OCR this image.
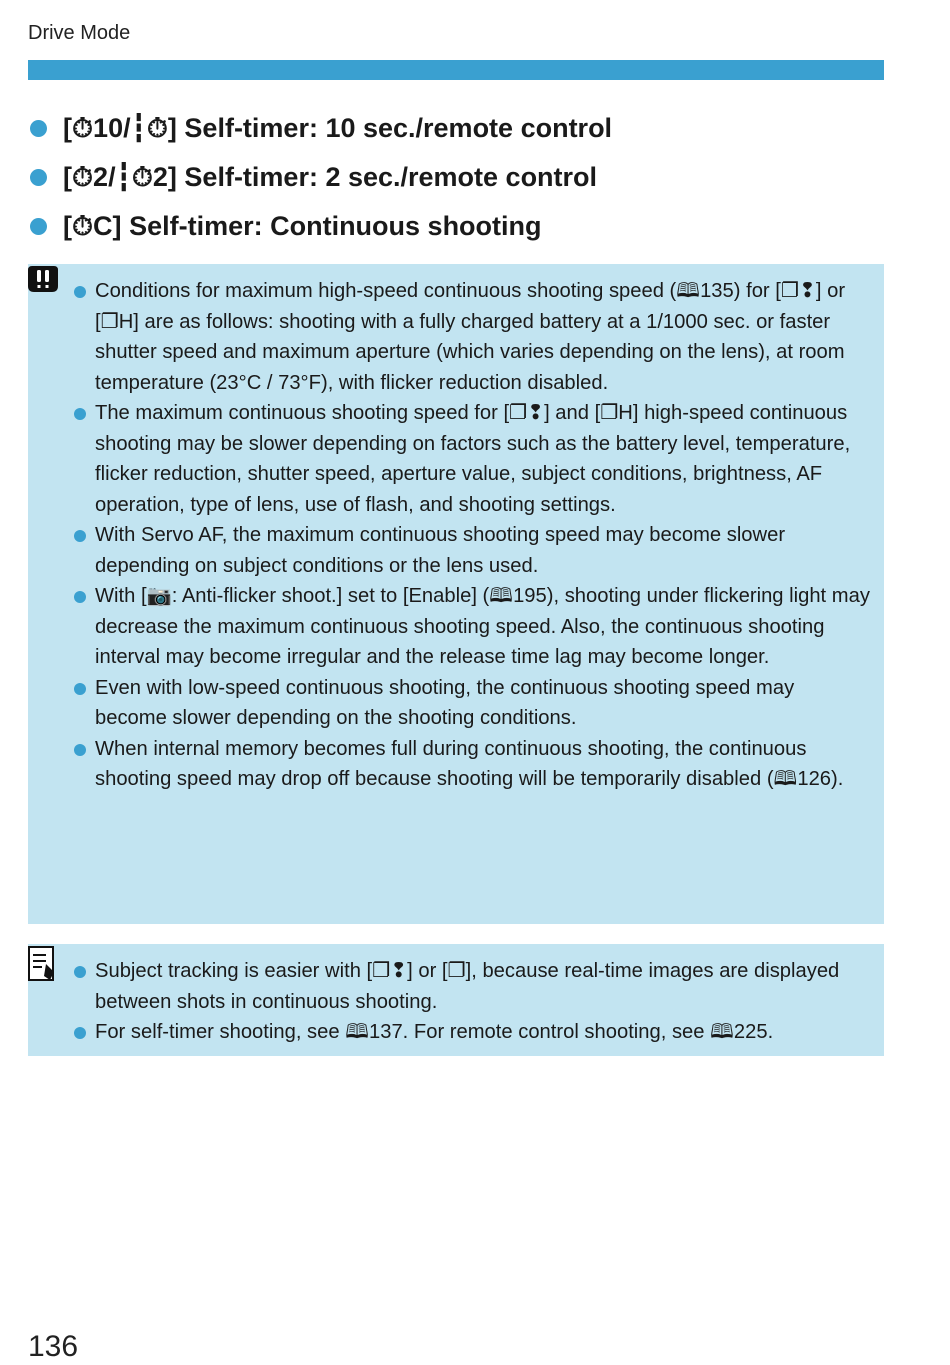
Drive Mode
[⏱10/┇⏱]
Self-timer: 10 sec./remote control
[⏱2/┇⏱2]
Self-timer: 2 sec./remote control
[⏱C]
Self-timer: Continuous shooting
Conditions for maximum high-speed continuous shooting speed (🕮135) for [❐❢] or [❐H] are as follows: shooting with a fully charged battery at a 1/1000 sec. or faster shutter speed and maximum aperture (which varies depending on the lens), at room temperature (23°C / 73°F), with flicker reduction disabled.
The maximum continuous shooting speed for [❐❢] and [❐H] high-speed continuous shooting may be slower depending on factors such as the battery level, temperature, flicker reduction, shutter speed, aperture value, subject conditions, brightness, AF operation, type of lens, use of flash, and shooting settings.
With Servo AF, the maximum continuous shooting speed may become slower depending on subject conditions or the lens used.
With [📷: Anti-flicker shoot.] set to [Enable] (🕮195), shooting under flickering light may decrease the maximum continuous shooting speed. Also, the continuous shooting interval may become irregular and the release time lag may become longer.
Even with low-speed continuous shooting, the continuous shooting speed may become slower depending on the shooting conditions.
When internal memory becomes full during continuous shooting, the continuous shooting speed may drop off because shooting will be temporarily disabled (🕮126).
Subject tracking is easier with [❐❢] or [❐], because real-time images are displayed between shots in continuous shooting.
For self-timer shooting, see 🕮137. For remote control shooting, see 🕮225.
136
